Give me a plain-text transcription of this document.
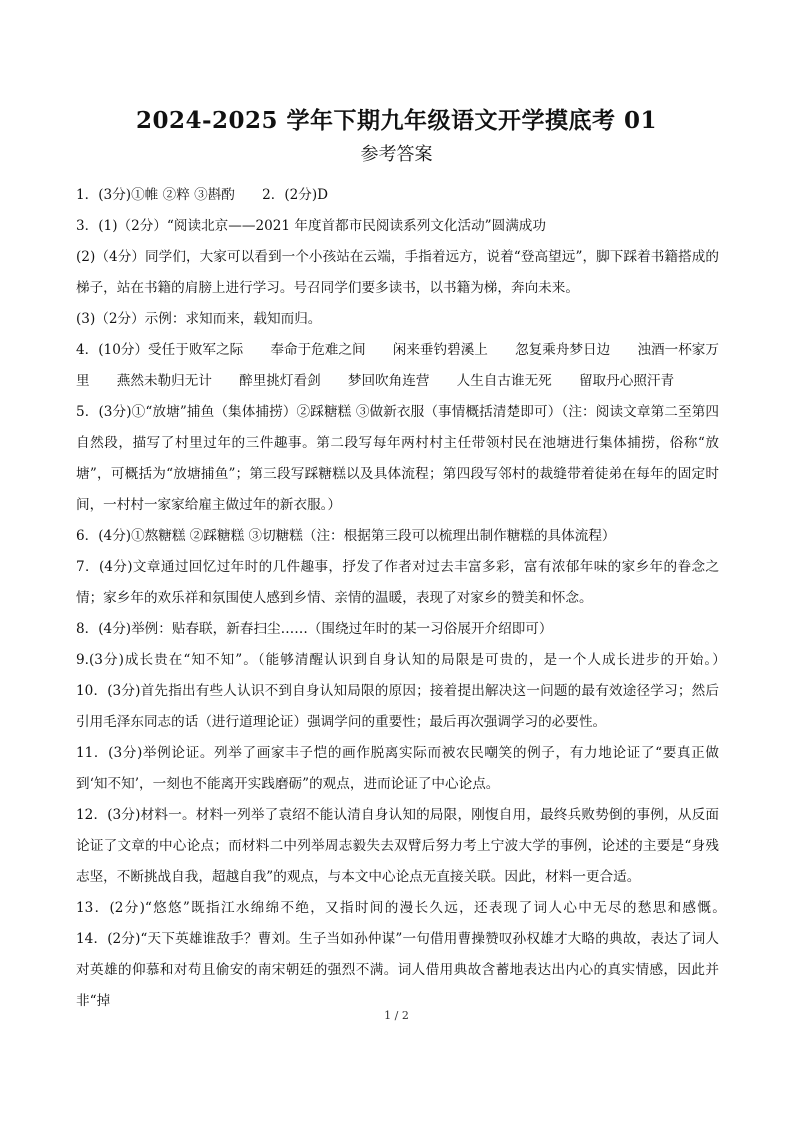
2024-2025 学年下期九年级语文开学摸底考 01
参考答案

1．(3分)①帷 ②粹 ③斟酌　　2．(2分)D

3．(1)（2分）“阅读北京——2021 年度首都市民阅读系列文化活动”圆满成功

(2)（4分）同学们，大家可以看到一个小孩站在云端，手指着远方，说着“登高望远”，脚下踩着书籍搭成的梯子，站在书籍的肩膀上进行学习。号召同学们要多读书，以书籍为梯，奔向未来。

(3)（2分）示例：求知而来，载知而归。

4．(10分）受任于败军之际　　奉命于危难之间　　闲来垂钓碧溪上　　忽复乘舟梦日边　　浊酒一杯家万里　　燕然未勒归无计　　醉里挑灯看剑　　梦回吹角连营　　人生自古谁无死　　留取丹心照汗青

5．(3分)①“放塘”捕鱼（集体捕捞）②踩糖糕 ③做新衣服（事情概括清楚即可）（注：阅读文章第二至第四自然段，描写了村里过年的三件趣事。第二段写每年两村村主任带领村民在池塘进行集体捕捞，俗称“放塘”，可概括为“放塘捕鱼”；第三段写踩糖糕以及具体流程；第四段写邻村的裁缝带着徒弟在每年的固定时间，一村村一家家给雇主做过年的新衣服。）

6．(4分)①熬糖糕 ②踩糖糕 ③切糖糕（注：根据第三段可以梳理出制作糖糕的具体流程）

7．(4分)文章通过回忆过年时的几件趣事，抒发了作者对过去丰富多彩，富有浓郁年味的家乡年的眷念之情；家乡年的欢乐祥和氛围使人感到乡情、亲情的温暖，表现了对家乡的赞美和怀念。

8．(4分)举例：贴春联，新春扫尘……（围绕过年时的某一习俗展开介绍即可）

9.(3分)成长贵在“知不知”。（能够清醒认识到自身认知的局限是可贵的，是一个人成长进步的开始。）　　10．(3分)首先指出有些人认识不到自身认知局限的原因；接着提出解决这一问题的最有效途径学习；然后引用毛泽东同志的话（进行道理论证）强调学问的重要性；最后再次强调学习的必要性。

11．(3分)举例论证。列举了画家丰子恺的画作脱离实际而被农民嘲笑的例子，有力地论证了“要真正做到‘知不知’，一刻也不能离开实践磨砺”的观点，进而论证了中心论点。

12．(3分)材料一。材料一列举了袁绍不能认清自身认知的局限，刚愎自用，最终兵败势倒的事例，从反面论证了文章的中心论点；而材料二中列举周志毅失去双臂后努力考上宁波大学的事例，论述的主要是“身残志坚，不断挑战自我，超越自我”的观点，与本文中心论点无直接关联。因此，材料一更合适。

13．(2分)“悠悠”既指江水绵绵不绝，又指时间的漫长久远，还表现了词人心中无尽的愁思和感慨。　　14．(2分)“天下英雄谁敌手？曹刘。生子当如孙仲谋”一句借用曹操赞叹孙权雄才大略的典故，表达了词人对英雄的仰慕和对苟且偷安的南宋朝廷的强烈不满。词人借用典故含蓄地表达出内心的真实情感，因此并非“掉

1 / 2
